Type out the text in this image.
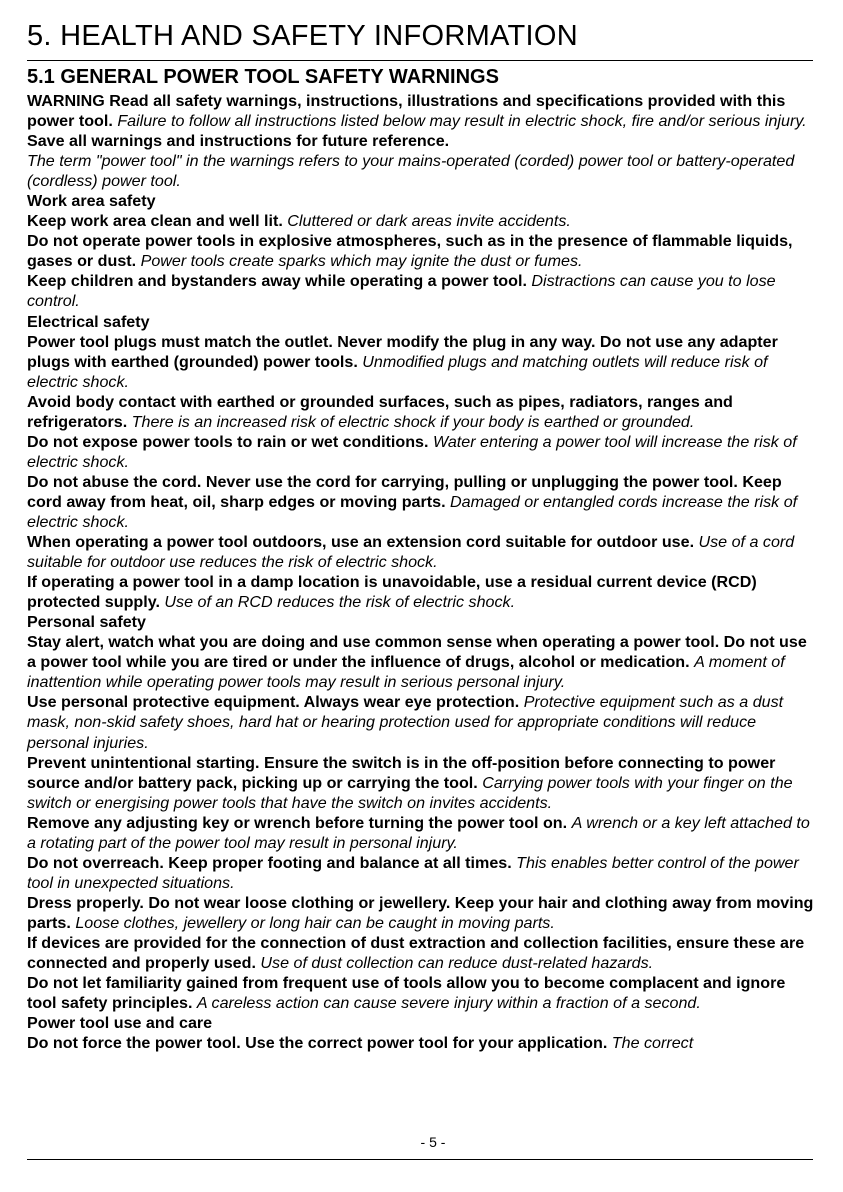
5. HEALTH AND SAFETY INFORMATION
5.1 GENERAL POWER TOOL SAFETY WARNINGS

WARNING Read all safety warnings, instructions, illustrations and specifications provided with this power tool. Failure to follow all instructions listed below may result in electric shock, fire and/or serious injury.

Save all warnings and instructions for future reference.

The term "power tool" in the warnings refers to your mains-operated (corded) power tool or battery-operated (cordless) power tool.

Work area safety

Keep work area clean and well lit. Cluttered or dark areas invite accidents.

Do not operate power tools in explosive atmospheres, such as in the presence of flammable liquids, gases or dust. Power tools create sparks which may ignite the dust or fumes.

Keep children and bystanders away while operating a power tool. Distractions can cause you to lose control.

Electrical safety

Power tool plugs must match the outlet. Never modify the plug in any way. Do not use any adapter plugs with earthed (grounded) power tools. Unmodified plugs and matching outlets will reduce risk of electric shock.

Avoid body contact with earthed or grounded surfaces, such as pipes, radiators, ranges and refrigerators. There is an increased risk of electric shock if your body is earthed or grounded.

Do not expose power tools to rain or wet conditions. Water entering a power tool will increase the risk of electric shock.

Do not abuse the cord. Never use the cord for carrying, pulling or unplugging the power tool. Keep cord away from heat, oil, sharp edges or moving parts. Damaged or entangled cords increase the risk of electric shock.

When operating a power tool outdoors, use an extension cord suitable for outdoor use. Use of a cord suitable for outdoor use reduces the risk of electric shock.

If operating a power tool in a damp location is unavoidable, use a residual current device (RCD) protected supply. Use of an RCD reduces the risk of electric shock.

Personal safety

Stay alert, watch what you are doing and use common sense when operating a power tool. Do not use a power tool while you are tired or under the influence of drugs, alcohol or medication. A moment of inattention while operating power tools may result in serious personal injury.

Use personal protective equipment. Always wear eye protection. Protective equipment such as a dust mask, non-skid safety shoes, hard hat or hearing protection used for appropriate conditions will reduce personal injuries.

Prevent unintentional starting. Ensure the switch is in the off-position before connecting to power source and/or battery pack, picking up or carrying the tool. Carrying power tools with your finger on the switch or energising power tools that have the switch on invites accidents.

Remove any adjusting key or wrench before turning the power tool on. A wrench or a key left attached to a rotating part of the power tool may result in personal injury.

Do not overreach. Keep proper footing and balance at all times. This enables better control of the power tool in unexpected situations.

Dress properly. Do not wear loose clothing or jewellery. Keep your hair and clothing away from moving parts. Loose clothes, jewellery or long hair can be caught in moving parts.

If devices are provided for the connection of dust extraction and collection facilities, ensure these are connected and properly used. Use of dust collection can reduce dust-related hazards.

Do not let familiarity gained from frequent use of tools allow you to become complacent and ignore tool safety principles. A careless action can cause severe injury within a fraction of a second.

Power tool use and care

Do not force the power tool. Use the correct power tool for your application. The correct

- 5 -
